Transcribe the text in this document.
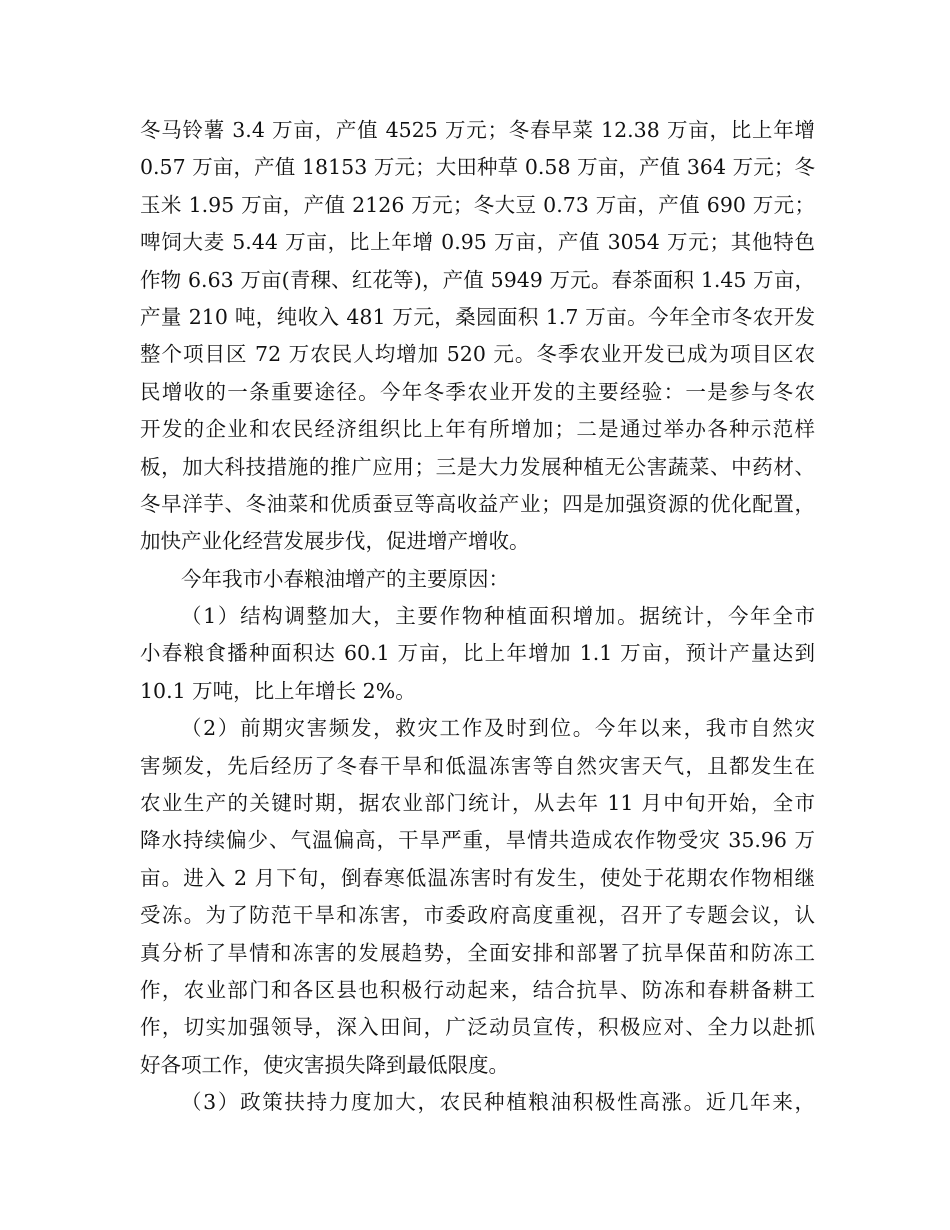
冬马铃薯 3.4 万亩，产值 4525 万元；冬春早菜 12.38 万亩，比上年增
0.57 万亩，产值 18153 万元；大田种草 0.58 万亩，产值 364 万元；冬
玉米 1.95 万亩，产值 2126 万元；冬大豆 0.73 万亩，产值 690 万元；
啤饲大麦 5.44 万亩，比上年增 0.95 万亩，产值 3054 万元；其他特色
作物 6.63 万亩(青稞、红花等)，产值 5949 万元。春茶面积 1.45 万亩，
产量 210 吨，纯收入 481 万元，桑园面积 1.7 万亩。今年全市冬农开发
整个项目区 72 万农民人均增加 520 元。冬季农业开发已成为项目区农
民增收的一条重要途径。今年冬季农业开发的主要经验：一是参与冬农
开发的企业和农民经济组织比上年有所增加；二是通过举办各种示范样
板，加大科技措施的推广应用；三是大力发展种植无公害蔬菜、中药材、
冬早洋芋、冬油菜和优质蚕豆等高收益产业；四是加强资源的优化配置，
加快产业化经营发展步伐，促进增产增收。
今年我市小春粮油增产的主要原因：
（1）结构调整加大，主要作物种植面积增加。据统计，今年全市
小春粮食播种面积达 60.1 万亩，比上年增加 1.1 万亩，预计产量达到
10.1 万吨，比上年增长 2%。
（2）前期灾害频发，救灾工作及时到位。今年以来，我市自然灾
害频发，先后经历了冬春干旱和低温冻害等自然灾害天气，且都发生在
农业生产的关键时期，据农业部门统计，从去年 11 月中旬开始，全市
降水持续偏少、气温偏高，干旱严重，旱情共造成农作物受灾 35.96 万
亩。进入 2 月下旬，倒春寒低温冻害时有发生，使处于花期农作物相继
受冻。为了防范干旱和冻害，市委政府高度重视，召开了专题会议，认
真分析了旱情和冻害的发展趋势，全面安排和部署了抗旱保苗和防冻工
作，农业部门和各区县也积极行动起来，结合抗旱、防冻和春耕备耕工
作，切实加强领导，深入田间，广泛动员宣传，积极应对、全力以赴抓
好各项工作，使灾害损失降到最低限度。
（3）政策扶持力度加大，农民种植粮油积极性高涨。近几年来，
